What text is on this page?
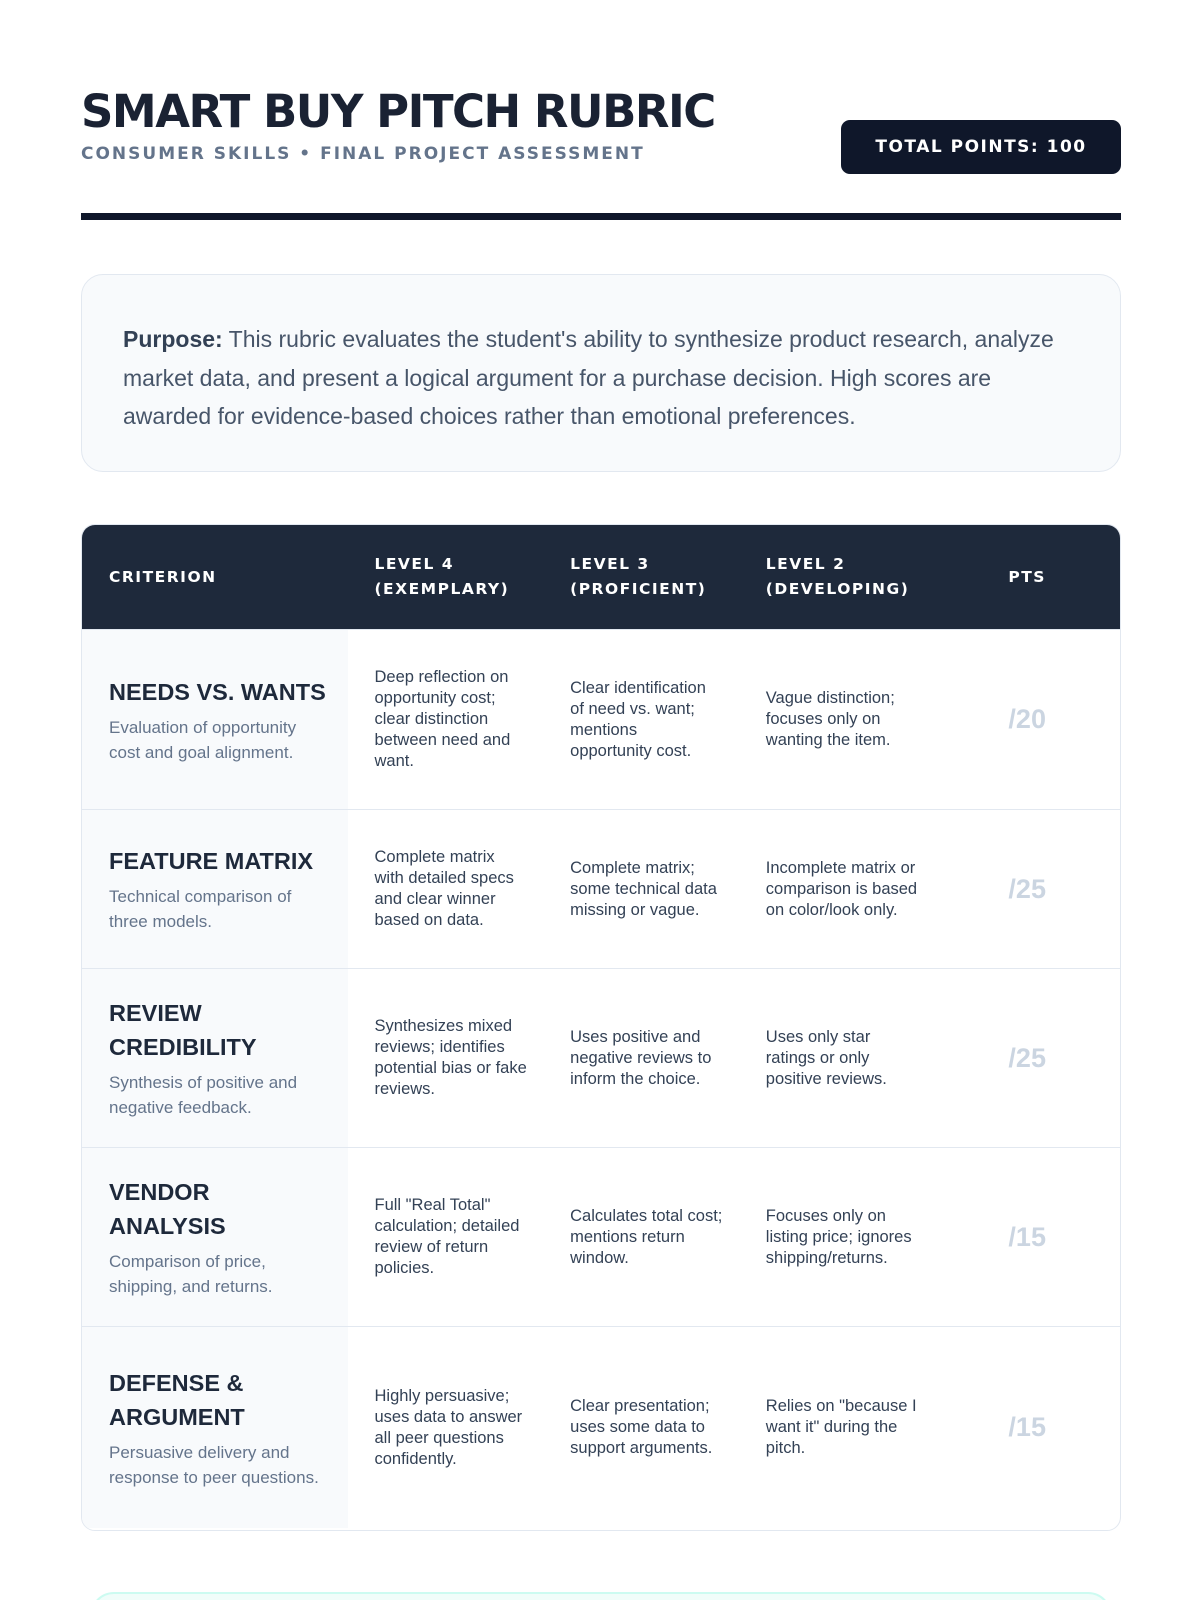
SMART BUY PITCH RUBRIC
CONSUMER SKILLS • FINAL PROJECT ASSESSMENT	TOTAL POINTS: 100
Purpose: This rubric evaluates the student's ability to synthesize product research, analyze market data, and present a logical argument for a purchase decision. High scores are awarded for evidence-based choices rather than emotional preferences.
CRITERION
LEVEL 4 (EXEMPLARY)
LEVEL 3 (PROFICIENT)
LEVEL 2 (DEVELOPING)
PTS
NEEDS VS. WANTS
Evaluation of opportunity cost and goal alignment.
Deep reflection on opportunity cost; clear distinction between need and want.
Clear identification of need vs. want; mentions opportunity cost.
Vague distinction; focuses only on wanting the item.
/20
FEATURE MATRIX
Technical comparison of three models.
Complete matrix with detailed specs and clear winner based on data.
Complete matrix; some technical data missing or vague.
Incomplete matrix or comparison is based on color/look only.
/25
REVIEW CREDIBILITY
Synthesis of positive and negative feedback.
Synthesizes mixed reviews; identifies potential bias or fake reviews.
Uses positive and negative reviews to inform the choice.
Uses only star ratings or only positive reviews.
/25
VENDOR ANALYSIS
Comparison of price, shipping, and returns.
Full "Real Total" calculation; detailed review of return policies.
Calculates total cost; mentions return window.
Focuses only on listing price; ignores shipping/returns.
/15
DEFENSE & ARGUMENT
Persuasive delivery and response to peer questions.
Highly persuasive; uses data to answer all peer questions confidently.
Clear presentation; uses some data to support arguments.
Relies on "because I want it" during the pitch.
/15
